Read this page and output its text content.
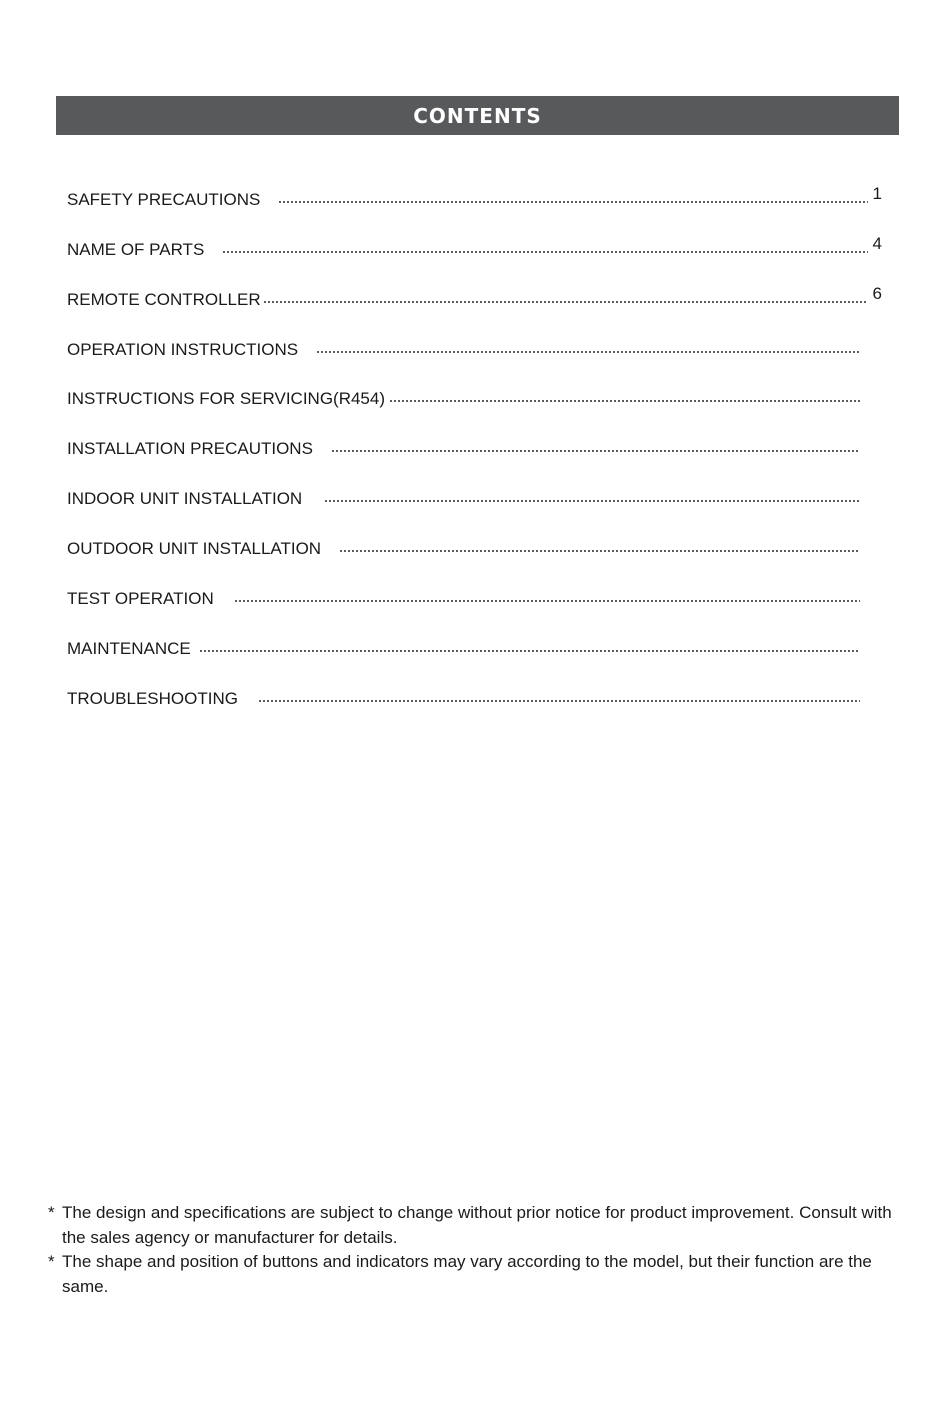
CONTENTS
SAFETY PRECAUTIONS	1
NAME OF PARTS	4
REMOTE CONTROLLER	6
OPERATION INSTRUCTIONS
INSTRUCTIONS FOR SERVICING(R454)
INSTALLATION PRECAUTIONS
INDOOR UNIT INSTALLATION
OUTDOOR UNIT INSTALLATION
TEST OPERATION
MAINTENANCE
TROUBLESHOOTING
* The design and specifications are subject to change without prior notice for product improvement. Consult with the sales agency or manufacturer for details.
* The shape and position of buttons and indicators may vary according to the model, but their function are the same.
